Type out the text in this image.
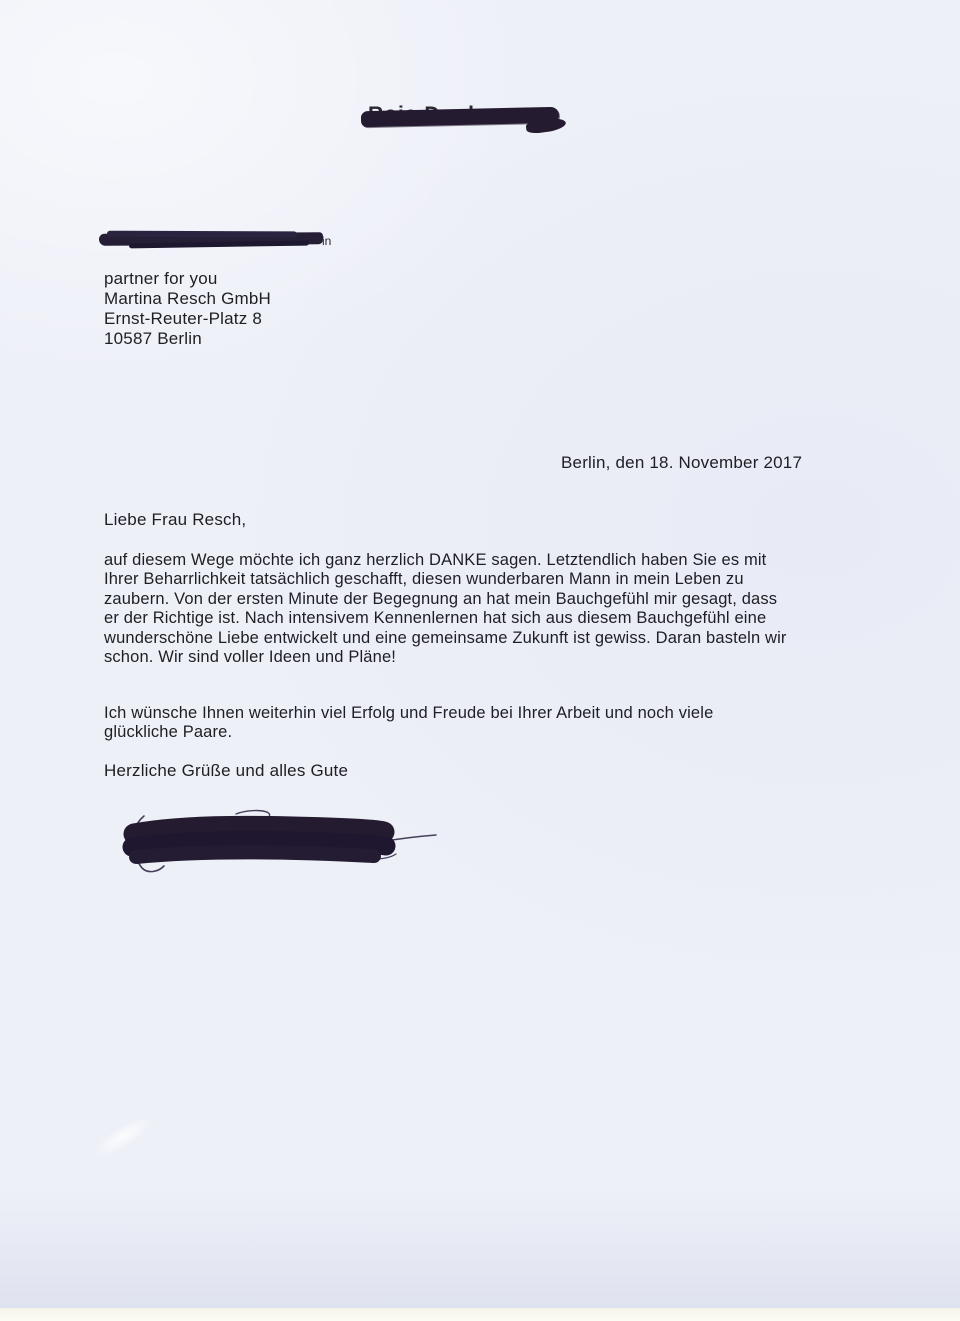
in
partner for you
Martina Resch GmbH
Ernst-Reuter-Platz 8
10587 Berlin
Berlin, den 18. November 2017
Liebe Frau Resch,
auf diesem Wege möchte ich ganz herzlich DANKE sagen. Letztendlich haben Sie es mit
Ihrer Beharrlichkeit tatsächlich geschafft, diesen wunderbaren Mann in mein Leben zu
zaubern. Von der ersten Minute der Begegnung an hat mein Bauchgefühl mir gesagt, dass
er der Richtige ist. Nach intensivem Kennenlernen hat sich aus diesem Bauchgefühl eine
wunderschöne Liebe entwickelt und eine gemeinsame Zukunft ist gewiss. Daran basteln wir
schon. Wir sind voller Ideen und Pläne!
Ich wünsche Ihnen weiterhin viel Erfolg und Freude bei Ihrer Arbeit und noch viele
glückliche Paare.
Herzliche Grüße und alles Gute
